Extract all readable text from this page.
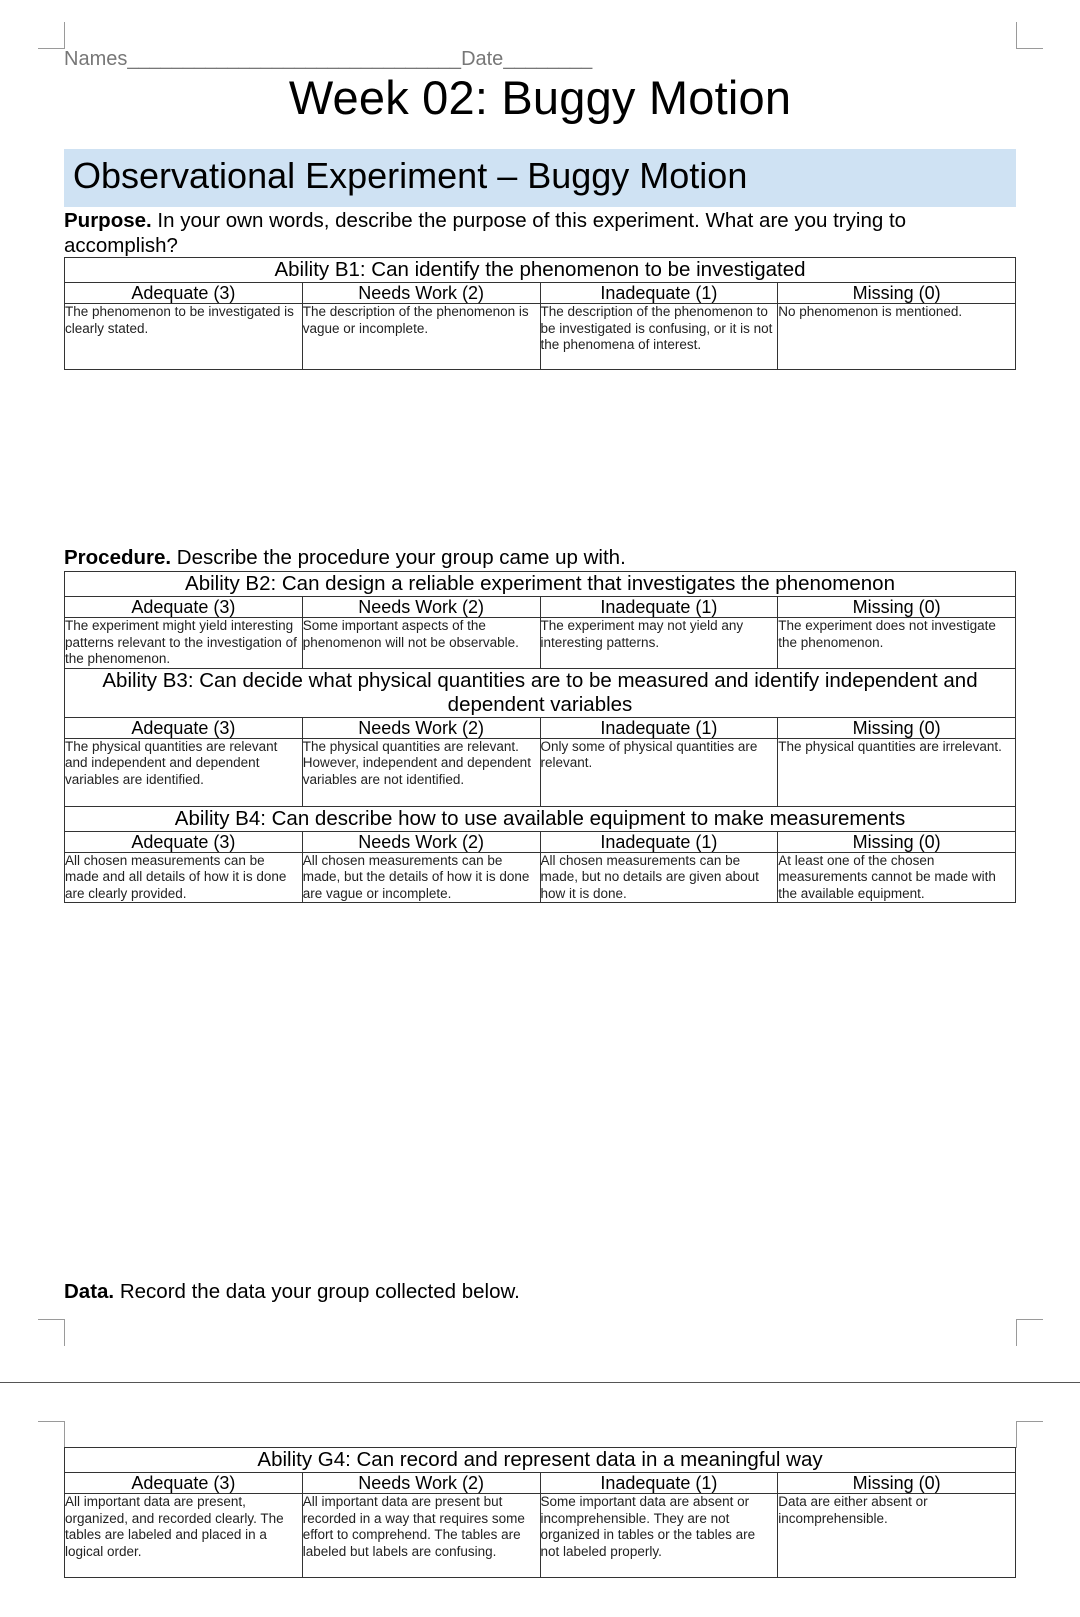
Names______________________________Date________
Week 02: Buggy Motion
Observational Experiment – Buggy Motion
Purpose. In your own words, describe the purpose of this experiment. What are you trying to accomplish?
Ability B1: Can identify the phenomenon to be investigated			
Adequate (3)	Needs Work (2)	Inadequate (1)	Missing (0)
The phenomenon to be investigated is clearly stated.	The description of the phenomenon is vague or incomplete.	The description of the phenomenon to be investigated is confusing, or it is not the phenomena of interest.	No phenomenon is mentioned.
Procedure. Describe the procedure your group came up with.
Ability B2: Can design a reliable experiment that investigates the phenomenon			
Adequate (3)	Needs Work (2)	Inadequate (1)	Missing (0)
The experiment might yield interesting patterns relevant to the investigation of the phenomenon.	Some important aspects of the phenomenon will not be observable.	The experiment may not yield any interesting patterns.	The experiment does not investigate the phenomenon.
Ability B3: Can decide what physical quantities are to be measured and identify independent and dependent variables			
Adequate (3)	Needs Work (2)	Inadequate (1)	Missing (0)
The physical quantities are relevant and independent and dependent variables are identified.	The physical quantities are relevant. However, independent and dependent variables are not identified.	Only some of physical quantities are relevant.	The physical quantities are irrelevant.
Ability B4: Can describe how to use available equipment to make measurements			
Adequate (3)	Needs Work (2)	Inadequate (1)	Missing (0)
All chosen measurements can be made and all details of how it is done are clearly provided.	All chosen measurements can be made, but the details of how it is done are vague or incomplete.	All chosen measurements can be made, but no details are given about how it is done.	At least one of the chosen measurements cannot be made with the available equipment.
Data. Record the data your group collected below.
Ability G4: Can record and represent data in a meaningful way			
Adequate (3)	Needs Work (2)	Inadequate (1)	Missing (0)
All important data are present, organized, and recorded clearly. The tables are labeled and placed in a logical order.	All important data are present but recorded in a way that requires some effort to comprehend. The tables are labeled but labels are confusing.	Some important data are absent or incomprehensible. They are not organized in tables or the tables are not labeled properly.	Data are either absent or incomprehensible.
